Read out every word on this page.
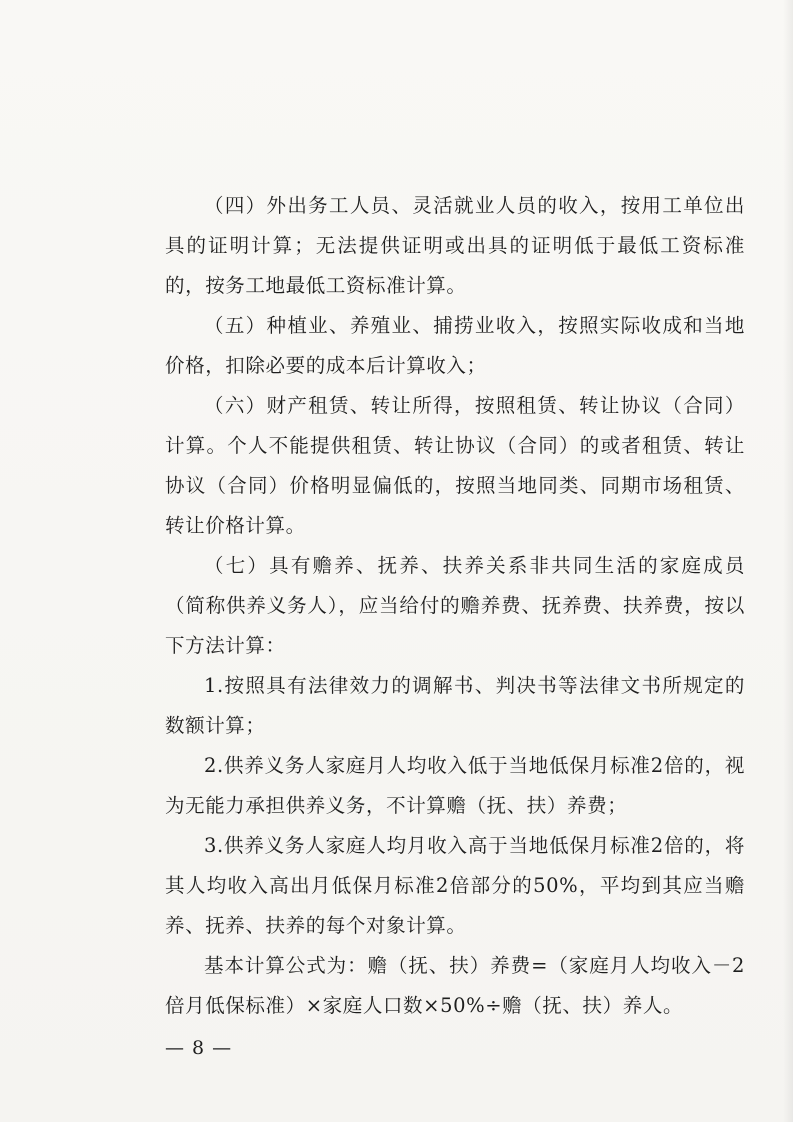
（四）外出务工人员、灵活就业人员的收入，按用工单位出具的证明计算；无法提供证明或出具的证明低于最低工资标准的，按务工地最低工资标准计算。

（五）种植业、养殖业、捕捞业收入，按照实际收成和当地价格，扣除必要的成本后计算收入；

（六）财产租赁、转让所得，按照租赁、转让协议（合同）计算。个人不能提供租赁、转让协议（合同）的或者租赁、转让协议（合同）价格明显偏低的，按照当地同类、同期市场租赁、转让价格计算。

（七）具有赡养、抚养、扶养关系非共同生活的家庭成员（简称供养义务人），应当给付的赡养费、抚养费、扶养费，按以下方法计算：

1.按照具有法律效力的调解书、判决书等法律文书所规定的数额计算；

2.供养义务人家庭月人均收入低于当地低保月标准2倍的，视为无能力承担供养义务，不计算赡（抚、扶）养费；

3.供养义务人家庭人均月收入高于当地低保月标准2倍的，将其人均收入高出月低保月标准2倍部分的50%，平均到其应当赡养、抚养、扶养的每个对象计算。

基本计算公式为：赡（抚、扶）养费=（家庭月人均收入－2倍月低保标准）×家庭人口数×50%÷赡（抚、扶）养人。

— 8 —
